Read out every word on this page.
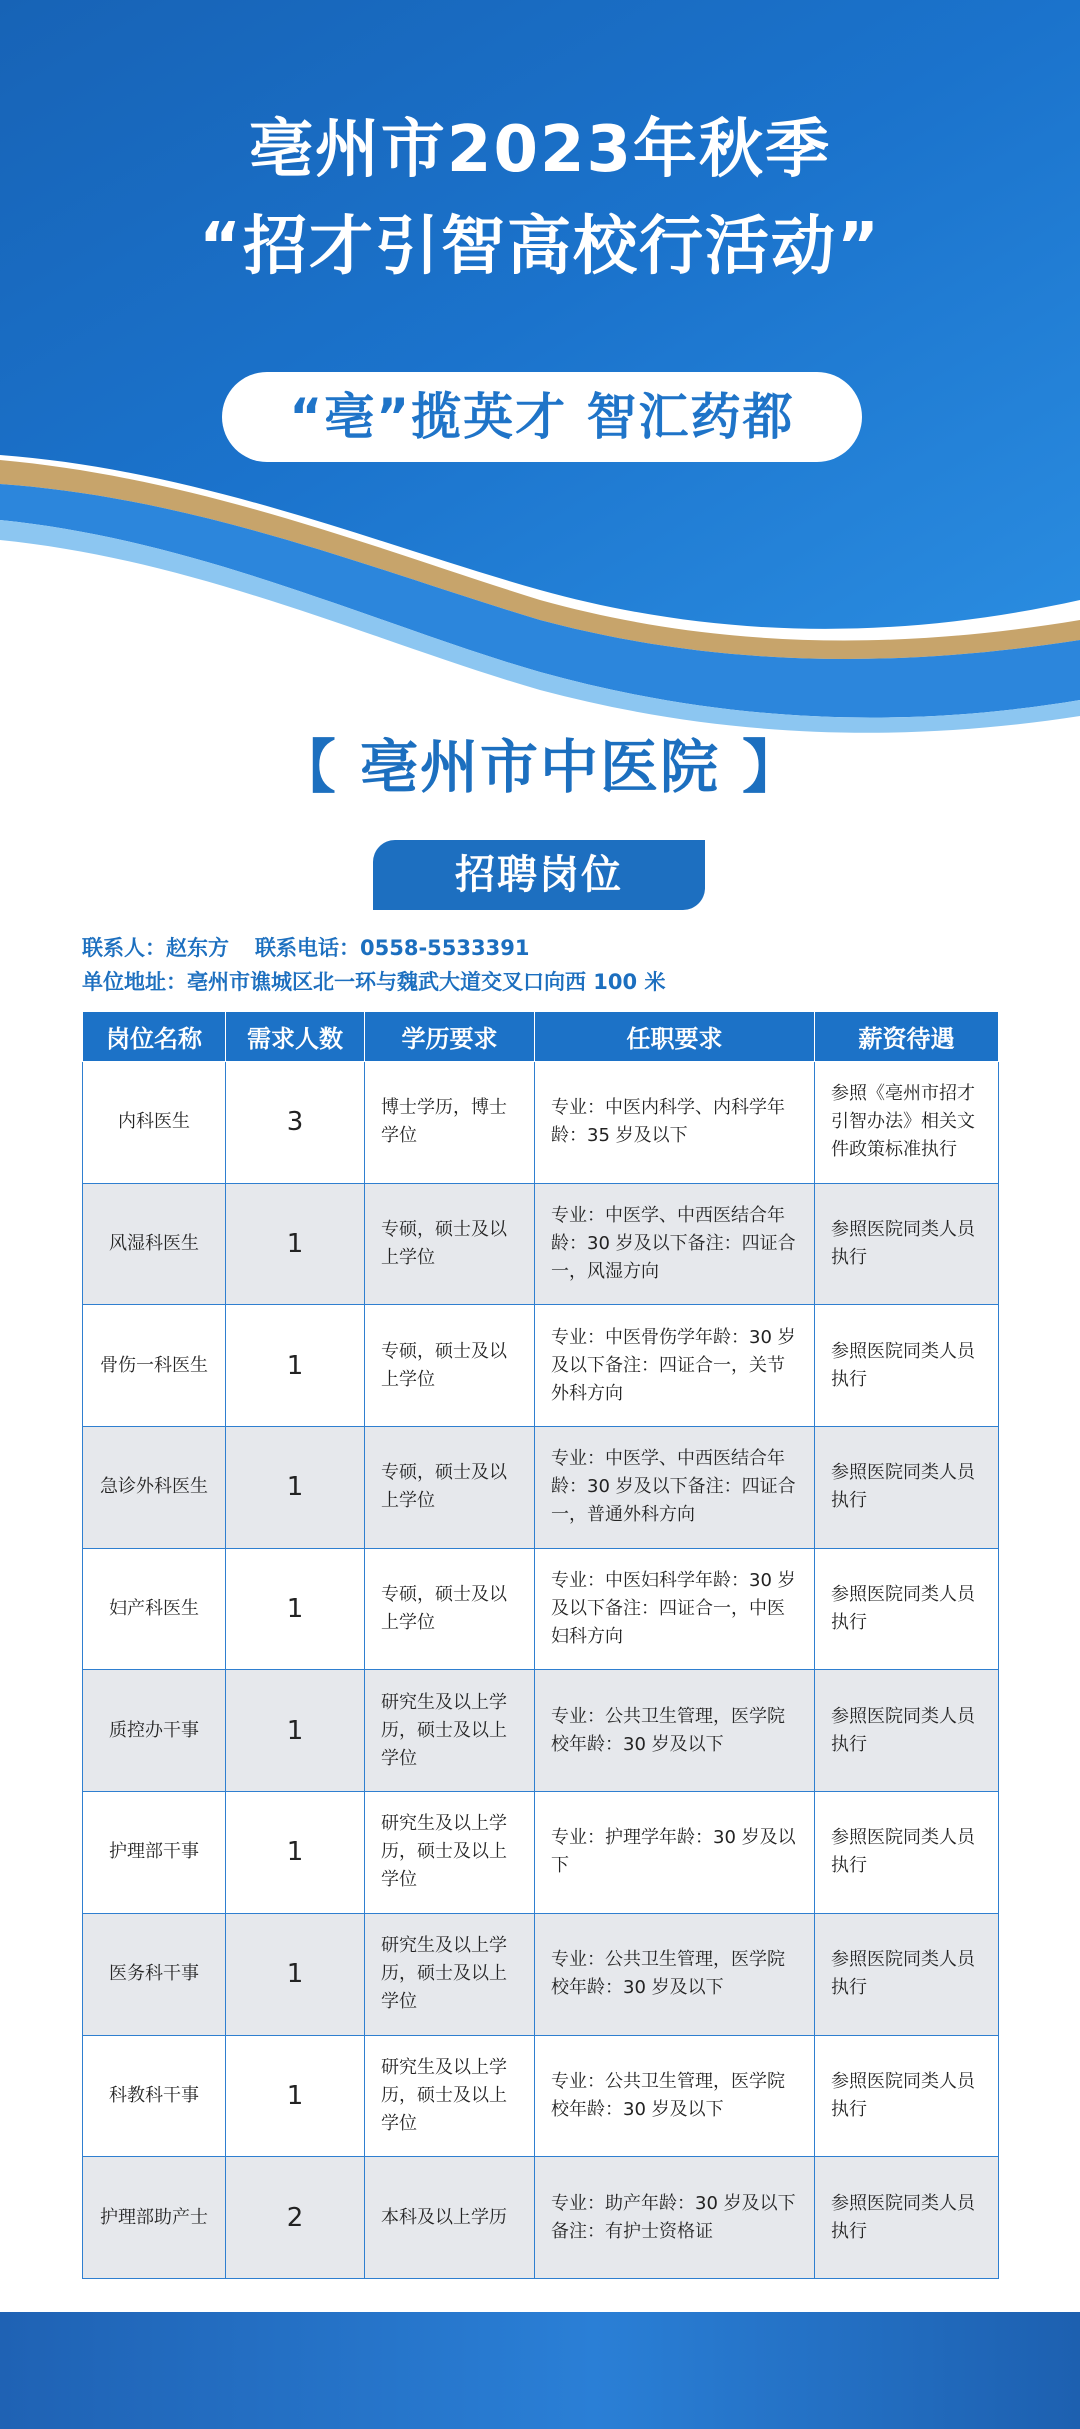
亳州市2023年秋季
“招才引智高校行活动”
“亳”揽英才 智汇药都
【 亳州市中医院 】
招聘岗位
联系人：赵东方 联系电话：0558-5533391
单位地址：亳州市谯城区北一环与魏武大道交叉口向西 100 米
岗位名称	需求人数	学历要求	任职要求	薪资待遇
内科医生	3	博士学历，博士学位	专业：中医内科学、内科学年龄：35 岁及以下	参照《亳州市招才引智办法》相关文件政策标准执行
风湿科医生	1	专硕，硕士及以上学位	专业：中医学、中西医结合年龄：30 岁及以下备注：四证合一，风湿方向	参照医院同类人员执行
骨伤一科医生	1	专硕，硕士及以上学位	专业：中医骨伤学年龄：30 岁及以下备注：四证合一，关节外科方向	参照医院同类人员执行
急诊外科医生	1	专硕，硕士及以上学位	专业：中医学、中西医结合年龄：30 岁及以下备注：四证合一，普通外科方向	参照医院同类人员执行
妇产科医生	1	专硕，硕士及以上学位	专业：中医妇科学年龄：30 岁及以下备注：四证合一，中医妇科方向	参照医院同类人员执行
质控办干事	1	研究生及以上学历，硕士及以上学位	专业：公共卫生管理，医学院校年龄：30 岁及以下	参照医院同类人员执行
护理部干事	1	研究生及以上学历，硕士及以上学位	专业：护理学年龄：30 岁及以下	参照医院同类人员执行
医务科干事	1	研究生及以上学历，硕士及以上学位	专业：公共卫生管理，医学院校年龄：30 岁及以下	参照医院同类人员执行
科教科干事	1	研究生及以上学历，硕士及以上学位	专业：公共卫生管理，医学院校年龄：30 岁及以下	参照医院同类人员执行
护理部助产士	2	本科及以上学历	专业：助产年龄：30 岁及以下备注：有护士资格证	参照医院同类人员执行
